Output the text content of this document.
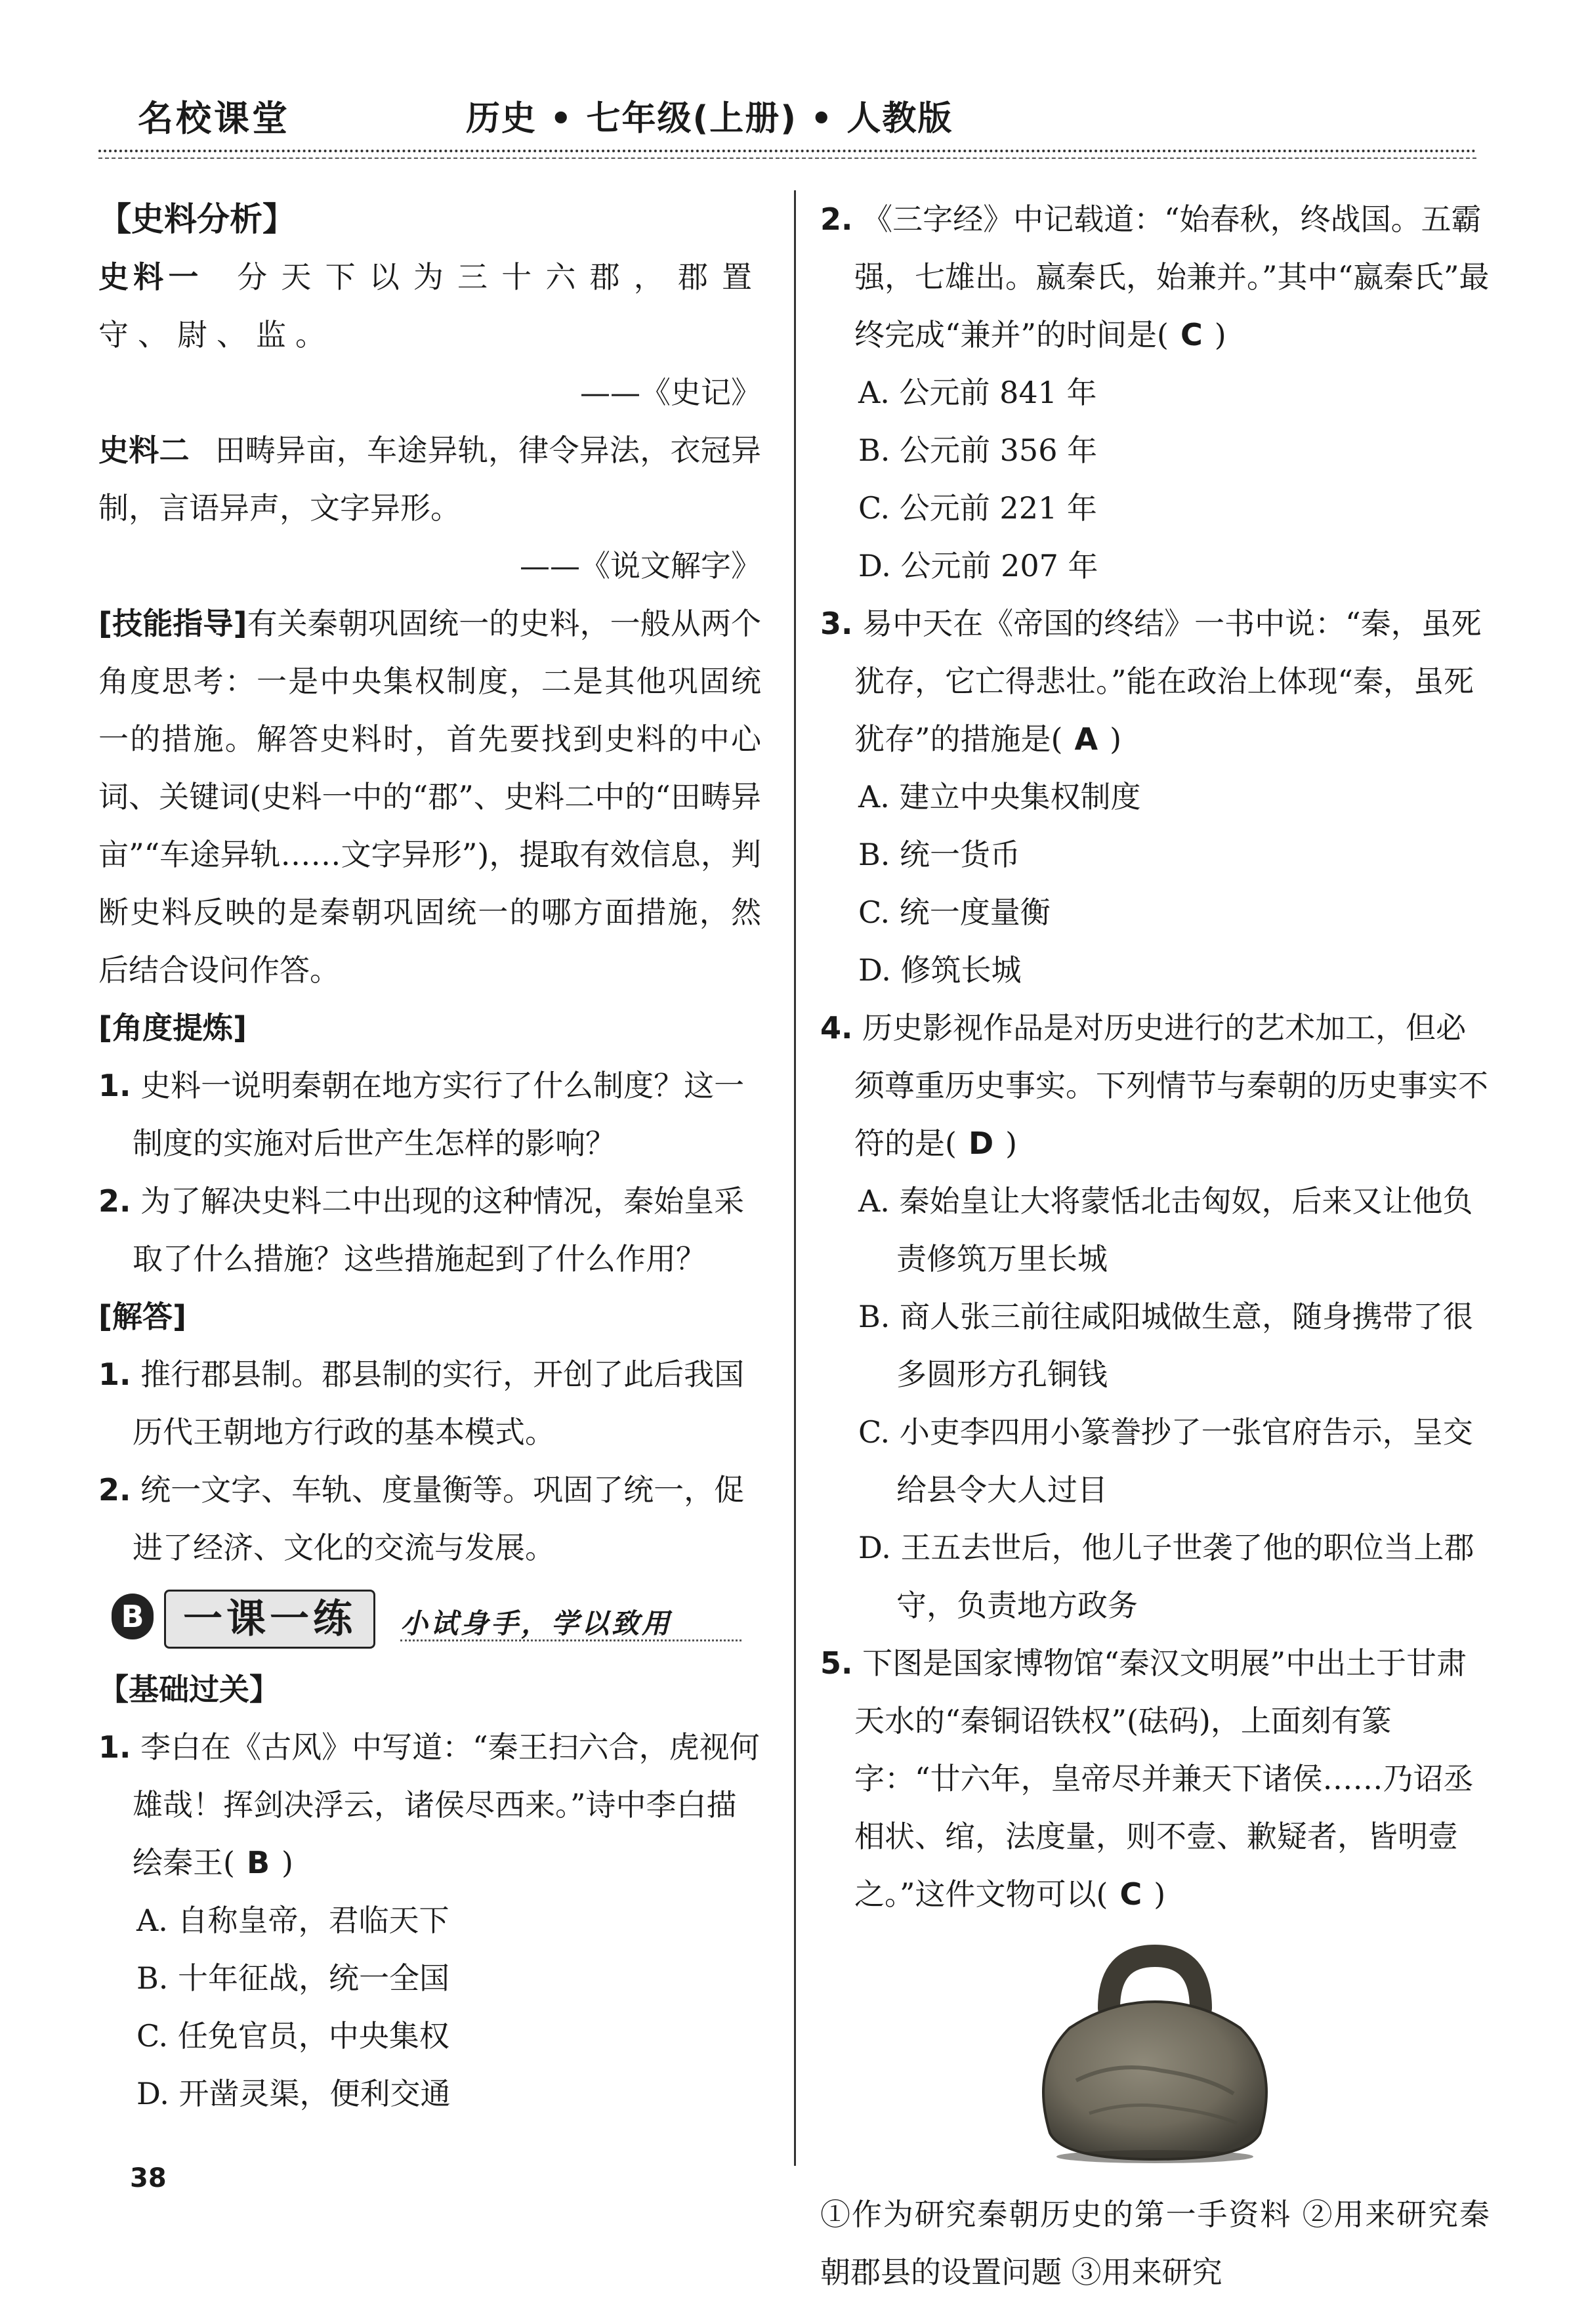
名校课堂	历史 • 七年级(上册) • 人教版

【史料分析】

史料一 分天下以为三十六郡，郡置守、尉、监。

——《史记》

史料二 田畴异亩，车途异轨，律令异法，衣冠异制，言语异声，文字异形。

——《说文解字》

[技能指导]有关秦朝巩固统一的史料，一般从两个角度思考：一是中央集权制度，二是其他巩固统一的措施。解答史料时，首先要找到史料的中心词、关键词(史料一中的“郡”、史料二中的“田畴异亩”“车途异轨……文字异形”)，提取有效信息，判断史料反映的是秦朝巩固统一的哪方面措施，然后结合设问作答。

[角度提炼]

1. 史料一说明秦朝在地方实行了什么制度？这一制度的实施对后世产生怎样的影响？

2. 为了解决史料二中出现的这种情况，秦始皇采取了什么措施？这些措施起到了什么作用？

[解答]

1. 推行郡县制。郡县制的实行，开创了此后我国历代王朝地方行政的基本模式。

2. 统一文字、车轨、度量衡等。巩固了统一，促进了经济、文化的交流与发展。

B 一课一练	小试身手，学以致用

【基础过关】

1. 李白在《古风》中写道：“秦王扫六合，虎视何雄哉！挥剑决浮云，诸侯尽西来。”诗中李白描绘秦王( B )

A. 自称皇帝，君临天下

B. 十年征战，统一全国

C. 任免官员，中央集权

D. 开凿灵渠，便利交通

2. 《三字经》中记载道：“始春秋，终战国。五霸强，七雄出。嬴秦氏，始兼并。”其中“嬴秦氏”最终完成“兼并”的时间是( C )

A. 公元前 841 年

B. 公元前 356 年

C. 公元前 221 年

D. 公元前 207 年

3. 易中天在《帝国的终结》一书中说：“秦，虽死犹存，它亡得悲壮。”能在政治上体现“秦，虽死犹存”的措施是( A )

A. 建立中央集权制度

B. 统一货币

C. 统一度量衡

D. 修筑长城

4. 历史影视作品是对历史进行的艺术加工，但必须尊重历史事实。下列情节与秦朝的历史事实不符的是( D )

A. 秦始皇让大将蒙恬北击匈奴，后来又让他负责修筑万里长城

B. 商人张三前往咸阳城做生意，随身携带了很多圆形方孔铜钱

C. 小吏李四用小篆誊抄了一张官府告示，呈交给县令大人过目

D. 王五去世后，他儿子世袭了他的职位当上郡守，负责地方政务

5. 下图是国家博物馆“秦汉文明展”中出土于甘肃天水的“秦铜诏铁权”(砝码)，上面刻有篆字：“廿六年，皇帝尽并兼天下诸侯……乃诏丞相状、绾，法度量，则不壹、歉疑者，皆明壹之。”这件文物可以( C )

①作为研究秦朝历史的第一手资料 ②用来研究秦朝郡县的设置问题 ③用来研究

38
